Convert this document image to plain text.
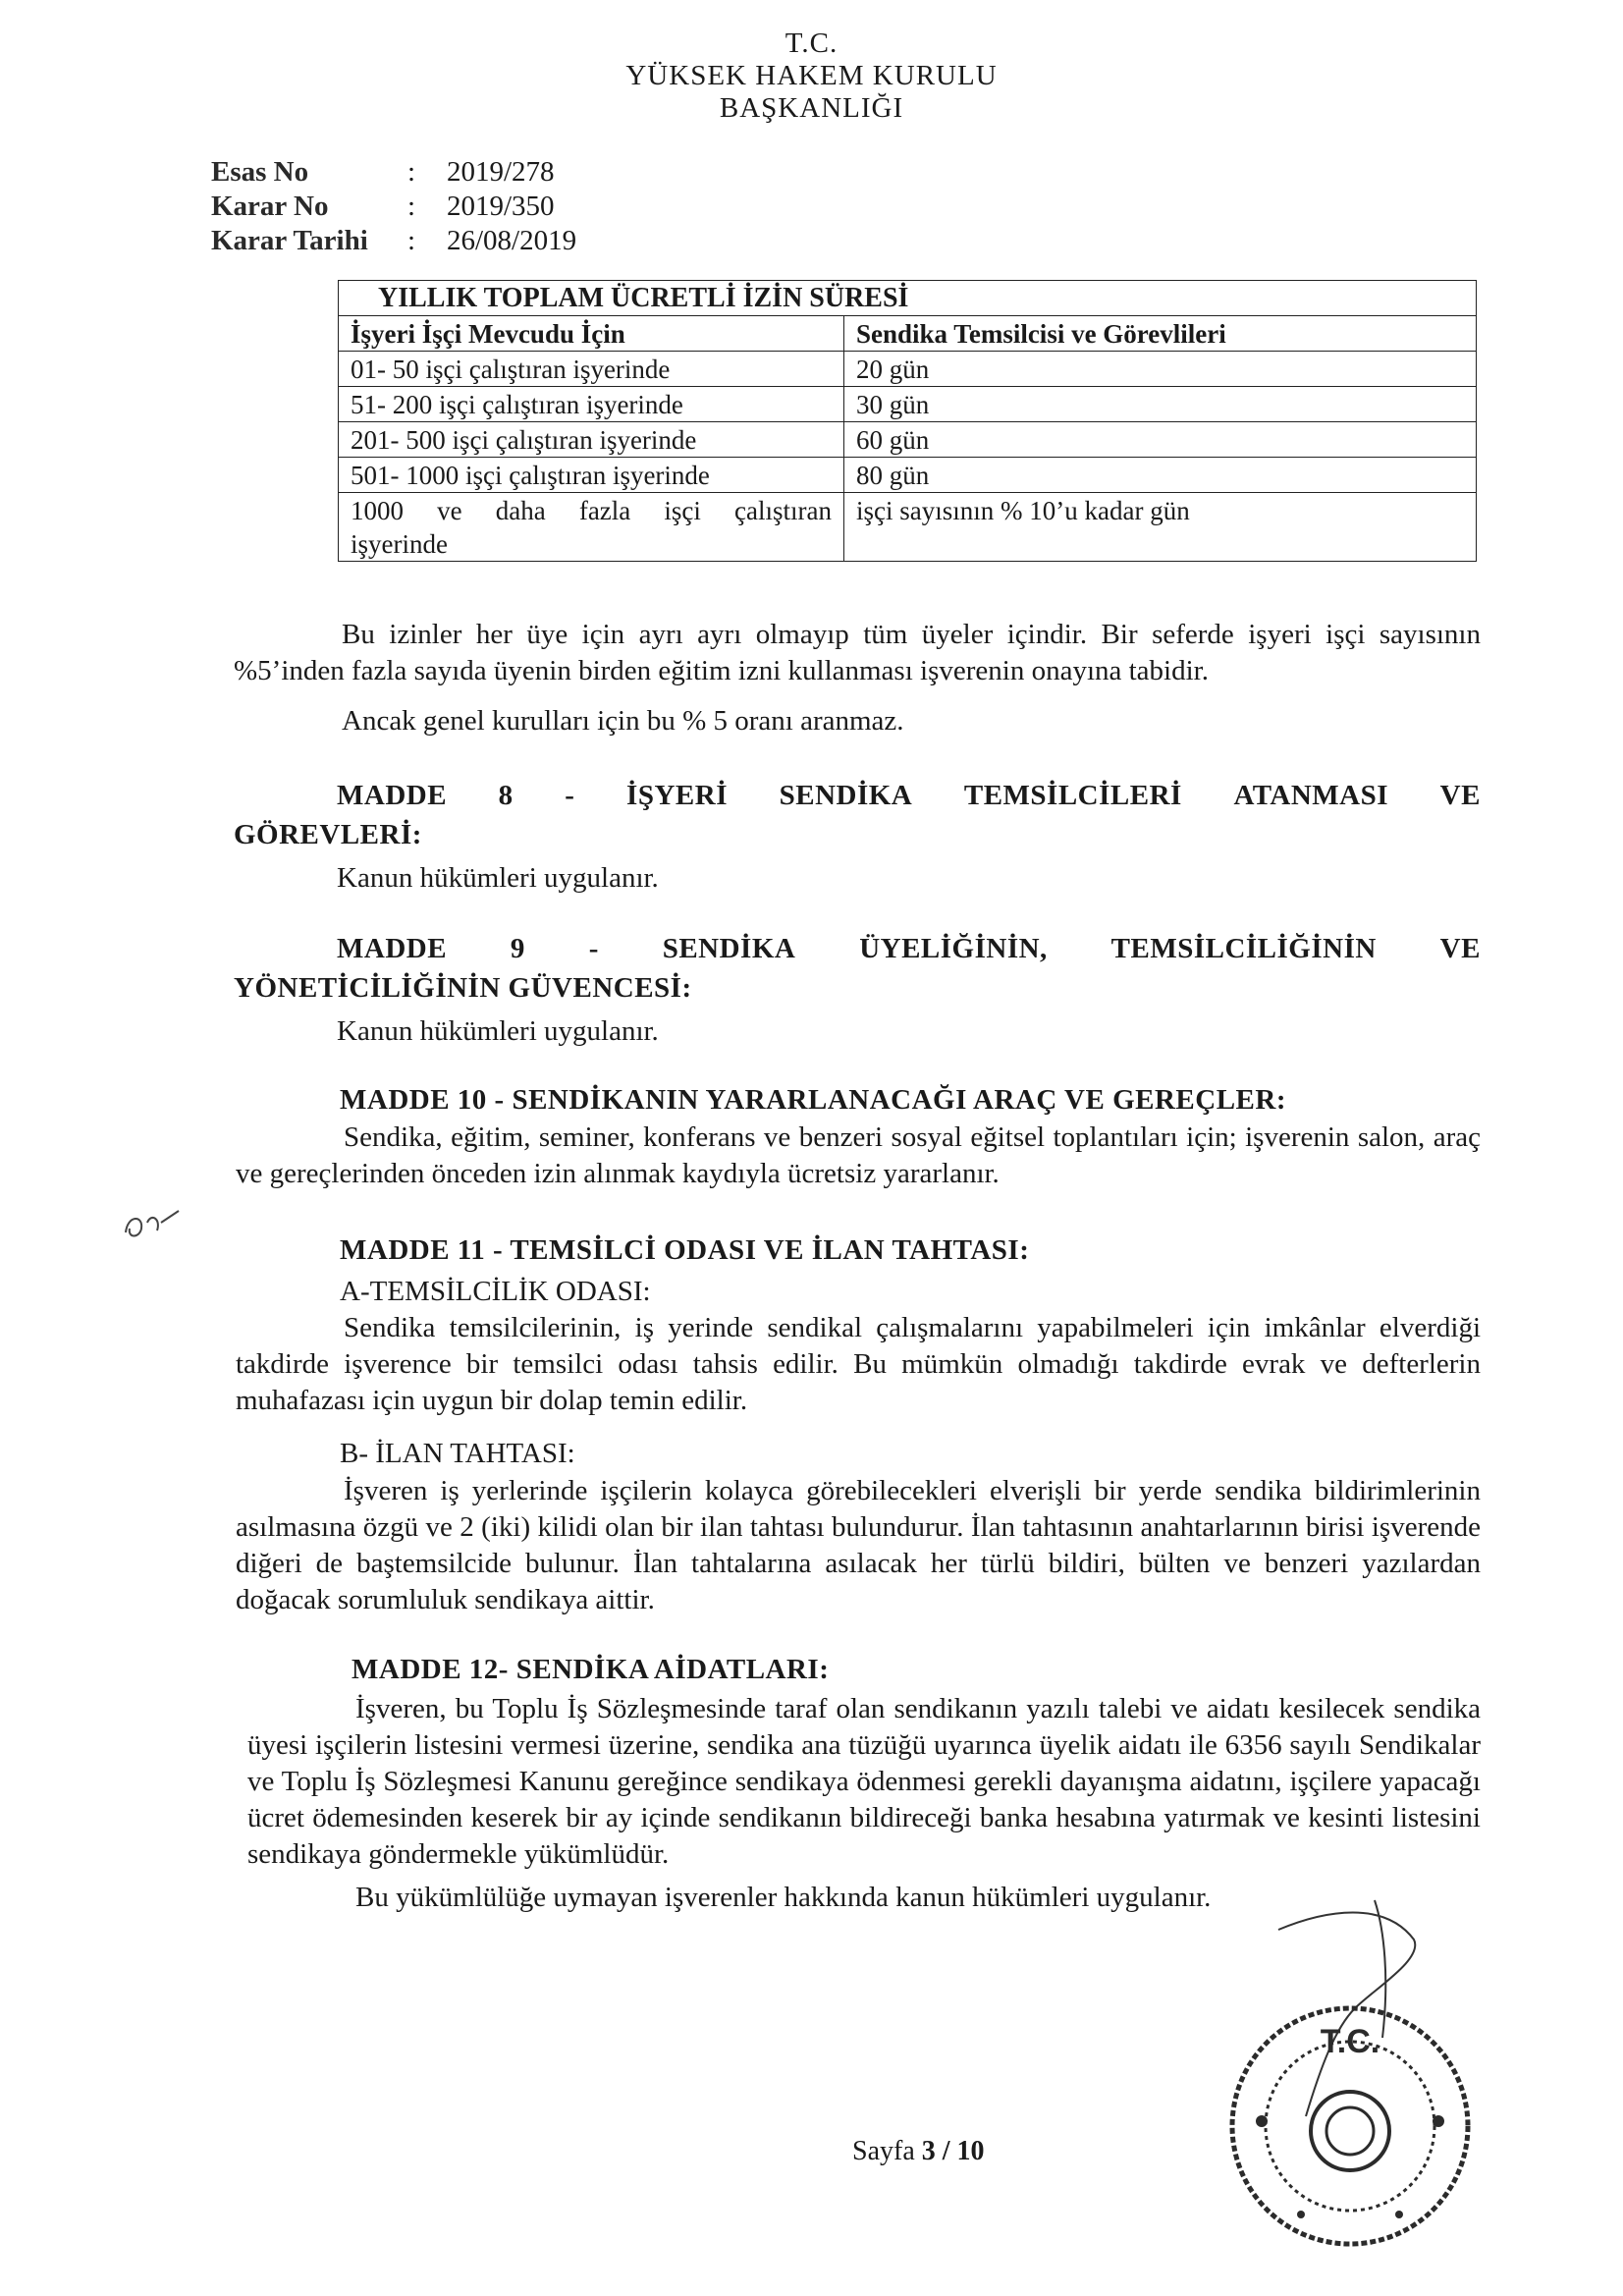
T.C.
YÜKSEK HAKEM KURULU
BAŞKANLIĞI
Esas No	:	2019/278
Karar No	:	2019/350
Karar Tarihi	:	26/08/2019
YILLIK TOPLAM ÜCRETLİ İZİN SÜRESİ	
İşyeri İşçi Mevcudu İçin	Sendika Temsilcisi ve Görevlileri
01- 50 işçi çalıştıran işyerinde	20 gün
51- 200 işçi çalıştıran işyerinde	30 gün
201- 500 işçi çalıştıran işyerinde	60 gün
501- 1000 işçi çalıştıran işyerinde	80 gün

1000 ve daha fazla işçi çalıştıran
işyerinde	işçi sayısının % 10’u kadar gün
Bu izinler her üye için ayrı ayrı olmayıp tüm üyeler içindir. Bir seferde işyeri işçi sayısının %5’inden fazla sayıda üyenin birden eğitim izni kullanması işverenin onayına tabidir.
Ancak genel kurulları için bu % 5 oranı aranmaz.
MADDE 8 - İŞYERİ SENDİKA TEMSİLCİLERİ ATANMASI VE
GÖREVLERİ:
Kanun hükümleri uygulanır.
MADDE 9 - SENDİKA ÜYELİĞİNİN, TEMSİLCİLİĞİNİN VE
YÖNETİCİLİĞİNİN GÜVENCESİ:
Kanun hükümleri uygulanır.
MADDE 10 - SENDİKANIN YARARLANACAĞI ARAÇ VE GEREÇLER:
Sendika, eğitim, seminer, konferans ve benzeri sosyal eğitsel toplantıları için; işverenin salon, araç ve gereçlerinden önceden izin alınmak kaydıyla ücretsiz yararlanır.
MADDE 11 - TEMSİLCİ ODASI VE İLAN TAHTASI:
A-TEMSİLCİLİK ODASI:
Sendika temsilcilerinin, iş yerinde sendikal çalışmalarını yapabilmeleri için imkânlar elverdiği takdirde işverence bir temsilci odası tahsis edilir. Bu mümkün olmadığı takdirde evrak ve defterlerin muhafazası için uygun bir dolap temin edilir.
B- İLAN TAHTASI:
İşveren iş yerlerinde işçilerin kolayca görebilecekleri elverişli bir yerde sendika bildirimlerinin asılmasına özgü ve 2 (iki) kilidi olan bir ilan tahtası bulundurur. İlan tahtasının anahtarlarının birisi işverende diğeri de baştemsilcide bulunur. İlan tahtalarına asılacak her türlü bildiri, bülten ve benzeri yazılardan doğacak sorumluluk sendikaya aittir.
MADDE 12- SENDİKA AİDATLARI:
İşveren, bu Toplu İş Sözleşmesinde taraf olan sendikanın yazılı talebi ve aidatı kesilecek sendika üyesi işçilerin listesini vermesi üzerine, sendika ana tüzüğü uyarınca üyelik aidatı ile 6356 sayılı Sendikalar ve Toplu İş Sözleşmesi Kanunu gereğince sendikaya ödenmesi gerekli dayanışma aidatını, işçilere yapacağı ücret ödemesinden keserek bir ay içinde sendikanın bildireceği banka hesabına yatırmak ve kesinti listesini sendikaya göndermekle yükümlüdür.
Bu yükümlülüğe uymayan işverenler hakkında kanun hükümleri uygulanır.
Sayfa 3 / 10
T.C.
